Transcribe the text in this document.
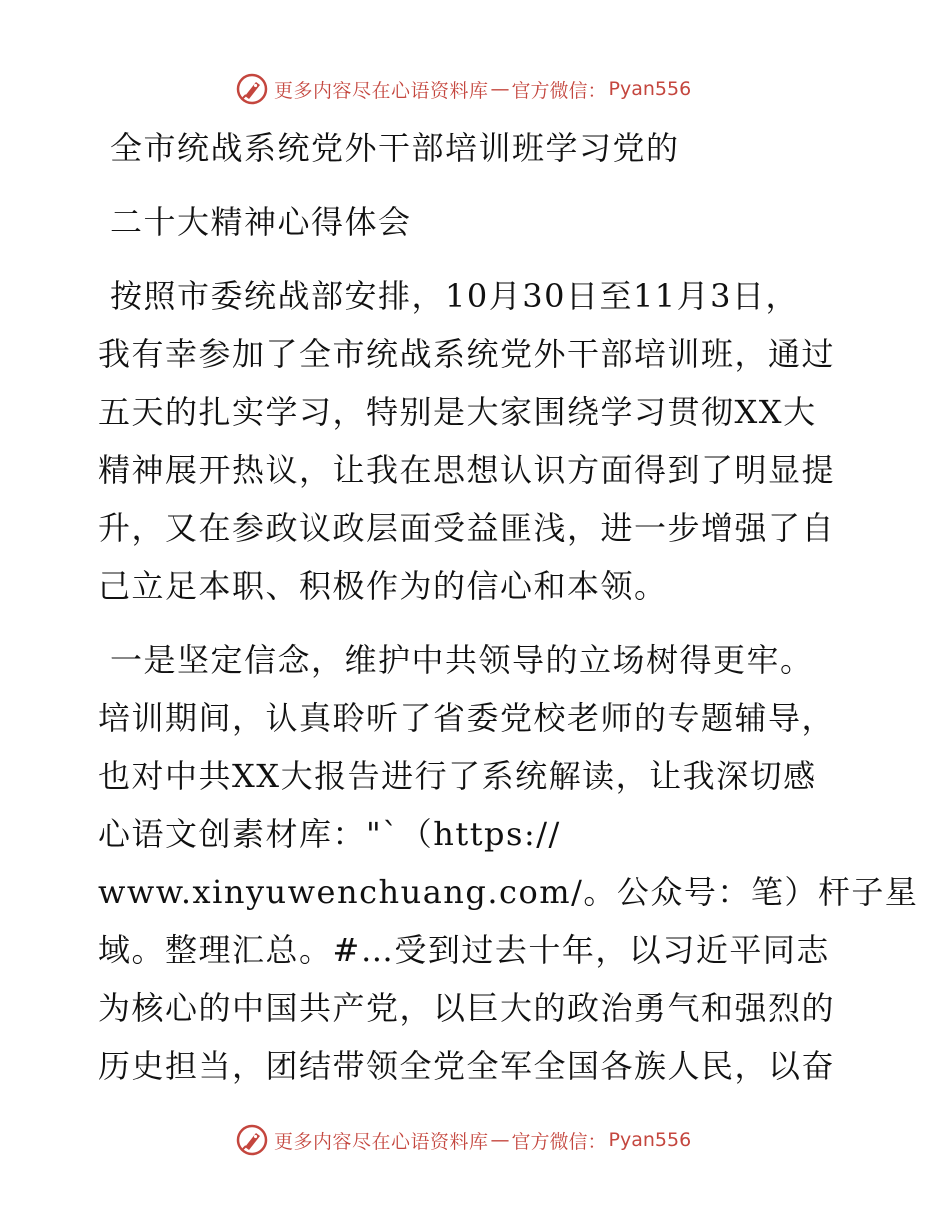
更多内容尽在心语资料库 — 官方微信： Pyan556

全市统战系统党外干部培训班学习党的

二十大精神心得体会

按照市委统战部安排，10月30日至11月3日，

我有幸参加了全市统战系统党外干部培训班，通过

五天的扎实学习，特别是大家围绕学习贯彻XX大

精神展开热议，让我在思想认识方面得到了明显提

升，又在参政议政层面受益匪浅，进一步增强了自

己立足本职、积极作为的信心和本领。

一是坚定信念，维护中共领导的立场树得更牢。

培训期间，认真聆听了省委党校老师的专题辅导，

也对中共XX大报告进行了系统解读，让我深切感

心语文创素材库："`（https://

www.xinyuwenchuang.com/。公众号：笔）杆子星

域。整理汇总。#…受到过去十年，以习近平同志

为核心的中国共产党，以巨大的政治勇气和强烈的

历史担当，团结带领全党全军全国各族人民，以奋

更多内容尽在心语资料库 — 官方微信： Pyan556
